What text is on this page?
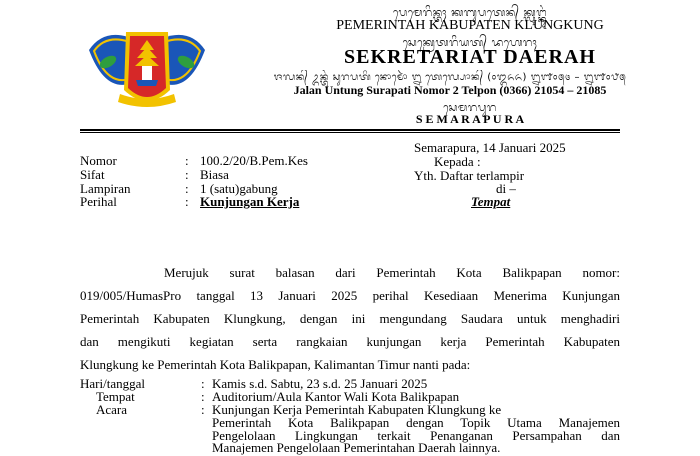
ᬧᬾᬫᬾᬭᬶᬦ᭄ᬢᬄ ᬓᬩᬸᬧᬢᬾᬦ᭄ ᬓ᭄ᬮᬸᬗ᭄ᬓᬸᬂ
PEMERINTAH KABUPATEN KLUNGKUNG
ᬲᬾᬓ᭄ᬭᬾᬢᬭᬶᬬᬢ᭄ ᬤᬳᬾᬭᬄ
SEKRETARIAT DAERAH
ᬚᬮᬦ᭄ ᬉᬦ᭄ᬢᬸᬂ ᬲᬸᬭᬧᬢᬶ ᬦᭀᬫᭀᬃ ᭒ ᬢᬾᬮ᭄ᬧᭀᬦ᭄ (᭐᭓᭖᭖) ᭒᭑᭐᭕᭔ – ᭒᭑᭐᭘᭕
Jalan Untung Surapati Nomor 2 Telpon (0366) 21054 – 21085
ᬲᬾᬫᬭᬧᬸᬭ
S E M A R A P U R A
Semarapura, 14 Januari 2025
Kepada :
Yth. Daftar terlampir
di –
Tempat
Nomor	: 100.2/20/B.Pem.Kes
Sifat	: Biasa
Lampiran	: 1 (satu)gabung
Perihal	: Kunjungan Kerja
Merujuk surat balasan dari Pemerintah Kota Balikpapan nomor:
019/005/HumasPro tanggal 13 Januari 2025 perihal Kesediaan Menerima Kunjungan
Pemerintah Kabupaten Klungkung, dengan ini mengundang Saudara untuk menghadiri
dan mengikuti kegiatan serta rangkaian kunjungan kerja Pemerintah Kabupaten
Klungkung ke Pemerintah Kota Balikpapan, Kalimantan Timur nanti pada:
Hari/tanggal	: Kamis s.d. Sabtu, 23 s.d. 25 Januari 2025
Tempat	: Auditorium/Aula Kantor Wali Kota Balikpapan
Acara	: Kunjungan Kerja Pemerintah Kabupaten Klungkung ke
Pemerintah Kota Balikpapan dengan Topik Utama Manajemen
Pengelolaan Lingkungan terkait Penanganan Persampahan dan
Manajemen Pengelolaan Pemerintahan Daerah lainnya.
